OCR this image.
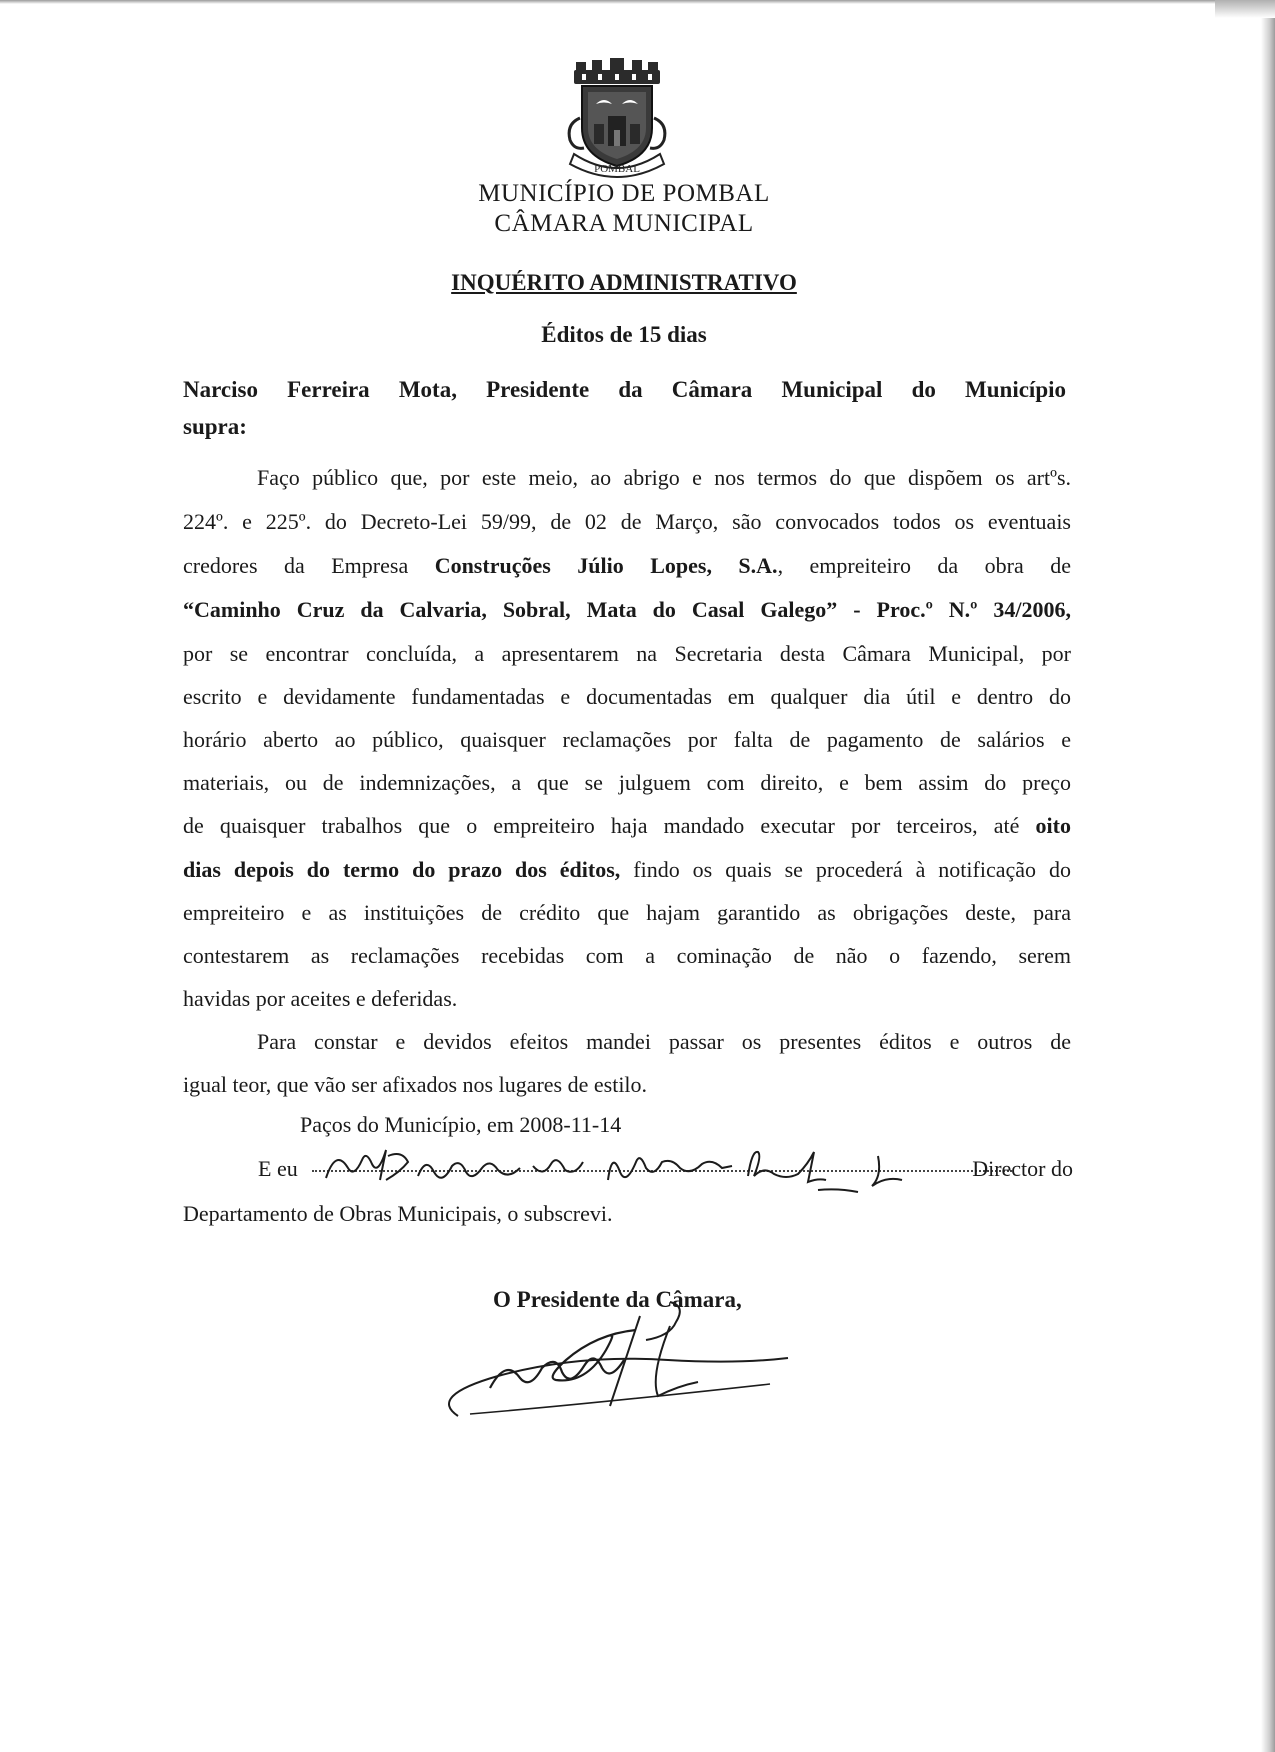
POMBAL
MUNICÍPIO DE POMBAL
CÂMARA MUNICIPAL
INQUÉRITO ADMINISTRATIVO
Éditos de 15 dias
Narciso Ferreira Mota, Presidente da Câmara Municipal do Município
supra:
Faço público que, por este meio, ao abrigo e nos termos do que dispõem os artºs.
224º. e 225º. do Decreto-Lei 59/99, de 02 de Março, são convocados todos os eventuais
credores da Empresa Construções Júlio Lopes, S.A., empreiteiro da obra de
“Caminho Cruz da Calvaria, Sobral, Mata do Casal Galego” - Proc.º N.º 34/2006,
por se encontrar concluída, a apresentarem na Secretaria desta Câmara Municipal, por
escrito e devidamente fundamentadas e documentadas em qualquer dia útil e dentro do
horário aberto ao público, quaisquer reclamações por falta de pagamento de salários e
materiais, ou de indemnizações, a que se julguem com direito, e bem assim do preço
de quaisquer trabalhos que o empreiteiro haja mandado executar por terceiros, até oito
dias depois do termo do prazo dos éditos, findo os quais se procederá à notificação do
empreiteiro e as instituições de crédito que hajam garantido as obrigações deste, para
contestarem as reclamações recebidas com a cominação de não o fazendo, serem
havidas por aceites e deferidas.
Para constar e devidos efeitos mandei passar os presentes éditos e outros de
igual teor, que vão ser afixados nos lugares de estilo.
Paços do Município, em 2008-11-14
E eu	Director do
Departamento de Obras Municipais, o subscrevi.
O Presidente da Câmara,
